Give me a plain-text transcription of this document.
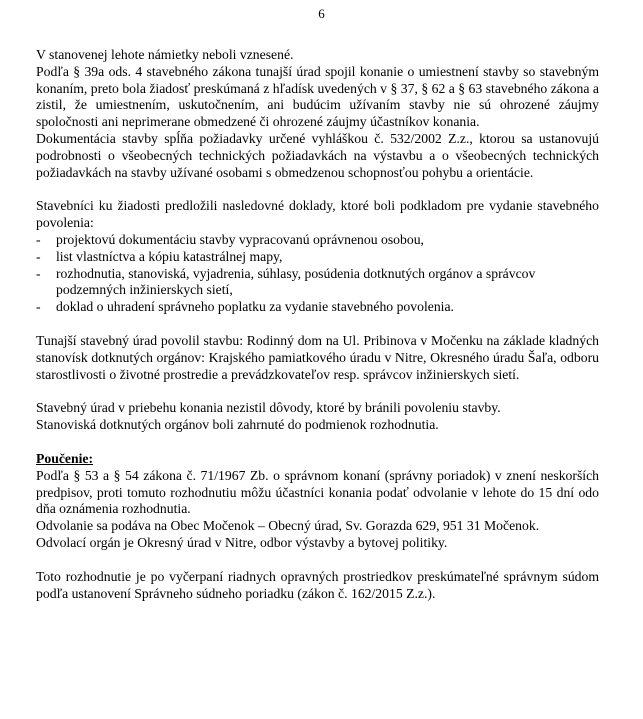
6

V stanovenej lehote námietky neboli vznesené.

Podľa § 39a ods. 4 stavebného zákona tunajší úrad spojil konanie o umiestnení stavby so stavebným konaním, preto bola žiadosť preskúmaná z hľadísk uvedených v § 37, § 62 a § 63 stavebného zákona a zistil, že umiestnením, uskutočnením, ani budúcim užívaním stavby nie sú ohrozené záujmy spoločnosti ani neprimerane obmedzené či ohrozené záujmy účastníkov konania.

Dokumentácia stavby spĺňa požiadavky určené vyhláškou č. 532/2002 Z.z., ktorou sa ustanovujú podrobnosti o všeobecných technických požiadavkách na výstavbu a o všeobecných technických požiadavkách na stavby užívané osobami s obmedzenou schopnosťou pohybu a orientácie.

Stavebníci ku žiadosti predložili nasledovné doklady, ktoré boli podkladom pre vydanie stavebného povolenia:

- projektovú dokumentáciu stavby vypracovanú oprávnenou osobou,
- list vlastníctva a kópiu katastrálnej mapy,
- rozhodnutia, stanoviská, vyjadrenia, súhlasy, posúdenia dotknutých orgánov a správcov podzemných inžinierskych sietí,
- doklad o uhradení správneho poplatku za vydanie stavebného povolenia.

Tunajší stavebný úrad povolil stavbu: Rodinný dom na Ul. Pribinova v Močenku na základe kladných stanovísk dotknutých orgánov: Krajského pamiatkového úradu v Nitre, Okresného úradu Šaľa, odboru starostlivosti o životné prostredie a prevádzkovateľov resp. správcov inžinierskych sietí.

Stavebný úrad v priebehu konania nezistil dôvody, ktoré by bránili povoleniu stavby.

Stanoviská dotknutých orgánov boli zahrnuté do podmienok rozhodnutia.

Poučenie:

Podľa § 53 a § 54 zákona č. 71/1967 Zb. o správnom konaní (správny poriadok) v znení neskorších predpisov, proti tomuto rozhodnutiu môžu účastníci konania podať odvolanie v lehote do 15 dní odo dňa oznámenia rozhodnutia.

Odvolanie sa podáva na Obec Močenok – Obecný úrad, Sv. Gorazda 629, 951 31 Močenok.

Odvolací orgán je Okresný úrad v Nitre, odbor výstavby a bytovej politiky.

Toto rozhodnutie je po vyčerpaní riadnych opravných prostriedkov preskúmateľné správnym súdom podľa ustanovení Správneho súdneho poriadku (zákon č. 162/2015 Z.z.).
